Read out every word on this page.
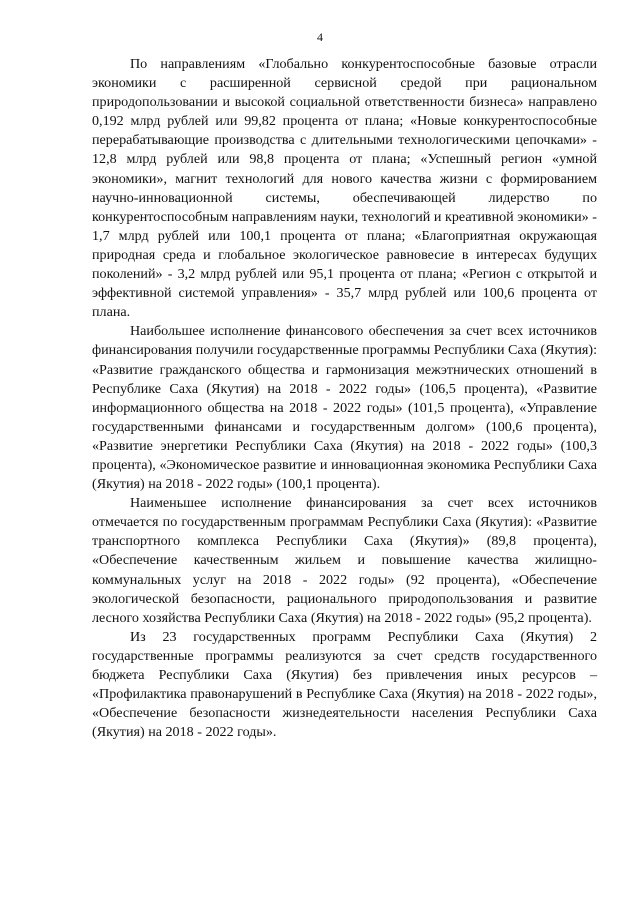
4

По направлениям «Глобально конкурентоспособные базовые отрасли экономики с расширенной сервисной средой при рациональном природопользовании и высокой социальной ответственности бизнеса» направлено 0,192 млрд рублей или 99,82 процента от плана; «Новые конкурентоспособные перерабатывающие производства с длительными технологическими цепочками» - 12,8 млрд рублей или 98,8 процента от плана; «Успешный регион «умной экономики», магнит технологий для нового качества жизни с формированием научно-инновационной системы, обеспечивающей лидерство по конкурентоспособным направлениям науки, технологий и креативной экономики» - 1,7 млрд рублей или 100,1 процента от плана; «Благоприятная окружающая природная среда и глобальное экологическое равновесие в интересах будущих поколений» - 3,2 млрд рублей или 95,1 процента от плана; «Регион с открытой и эффективной системой управления» - 35,7 млрд рублей или 100,6 процента от плана.

Наибольшее исполнение финансового обеспечения за счет всех источников финансирования получили государственные программы Республики Саха (Якутия): «Развитие гражданского общества и гармонизация межэтнических отношений в Республике Саха (Якутия) на 2018 - 2022 годы» (106,5 процента), «Развитие информационного общества на 2018 - 2022 годы» (101,5 процента), «Управление государственными финансами и государственным долгом» (100,6 процента), «Развитие энергетики Республики Саха (Якутия) на 2018 - 2022 годы» (100,3 процента), «Экономическое развитие и инновационная экономика Республики Саха (Якутия) на 2018 - 2022 годы» (100,1 процента).

Наименьшее исполнение финансирования за счет всех источников отмечается по государственным программам Республики Саха (Якутия): «Развитие транспортного комплекса Республики Саха (Якутия)» (89,8 процента), «Обеспечение качественным жильем и повышение качества жилищно-коммунальных услуг на 2018 - 2022 годы» (92 процента), «Обеспечение экологической безопасности, рационального природопользования и развитие лесного хозяйства Республики Саха (Якутия) на 2018 - 2022 годы» (95,2 процента).

Из 23 государственных программ Республики Саха (Якутия) 2 государственные программы реализуются за счет средств государственного бюджета Республики Саха (Якутия) без привлечения иных ресурсов – «Профилактика правонарушений в Республике Саха (Якутия) на 2018 - 2022 годы», «Обеспечение безопасности жизнедеятельности населения Республики Саха (Якутия) на 2018 - 2022 годы».
